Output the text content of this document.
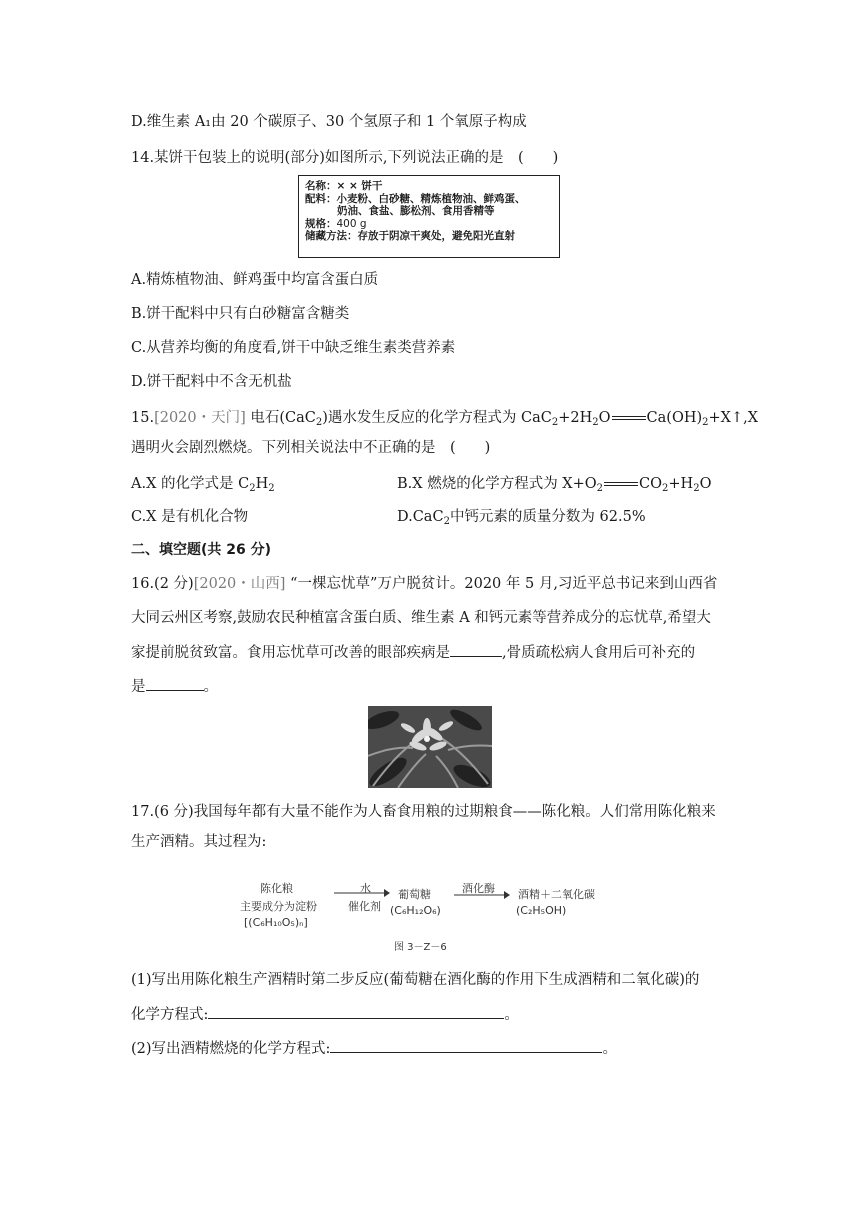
D.维生素 A₁由 20 个碳原子、30 个氢原子和 1 个氧原子构成
14.某饼干包装上的说明(部分)如图所示,下列说法正确的是　(　　)
名称：× × 饼干
配料：小麦粉、白砂糖、精炼植物油、鲜鸡蛋、
奶油、食盐、膨松剂、食用香精等
规格：400 g
储藏方法：存放于阴凉干爽处，避免阳光直射
A.精炼植物油、鲜鸡蛋中均富含蛋白质
B.饼干配料中只有白砂糖富含糖类
C.从营养均衡的角度看,饼干中缺乏维生素类营养素
D.饼干配料中不含无机盐
15.[2020・天门] 电石(CaC$_2$)遇水发生反应的化学方程式为 $CaC_2+2H_2O$ $Ca(OH)_2+X↑,X$
遇明火会剧烈燃烧。下列相关说法中不正确的是　(　　)
A.X 的化学式是 $C_2H_2$	B.X 燃烧的化学方程式为 $X+O_2$ $CO_2+H_2O$
C.X 是有机化合物	D.CaC$_2$中钙元素的质量分数为 62.5%
二、填空题(共 26 分)
16.(2 分)[2020・山西] “一棵忘忧草”万户脱贫计。2020 年 5 月,习近平总书记来到山西省
大同云州区考察,鼓励农民种植富含蛋白质、维生素 A 和钙元素等营养成分的忘忧草,希望大
家提前脱贫致富。食用忘忧草可改善的眼部疾病是	,骨质疏松病人食用后可补充的
是	。
17.(6 分)我国每年都有大量不能作为人畜食用粮的过期粮食——陈化粮。人们常用陈化粮来
生产酒精。其过程为:
陈化粮
主要成分为淀粉
[(C₆H₁₀O₅)ₙ]
水
催化剂
葡萄糖
(C₆H₁₂O₆)
酒化酶 酒精＋二氧化碳
(C₂H₅OH)
图 3－Z－6
(1)写出用陈化粮生产酒精时第二步反应(葡萄糖在酒化酶的作用下生成酒精和二氧化碳)的
化学方程式:	。
(2)写出酒精燃烧的化学方程式:	。
